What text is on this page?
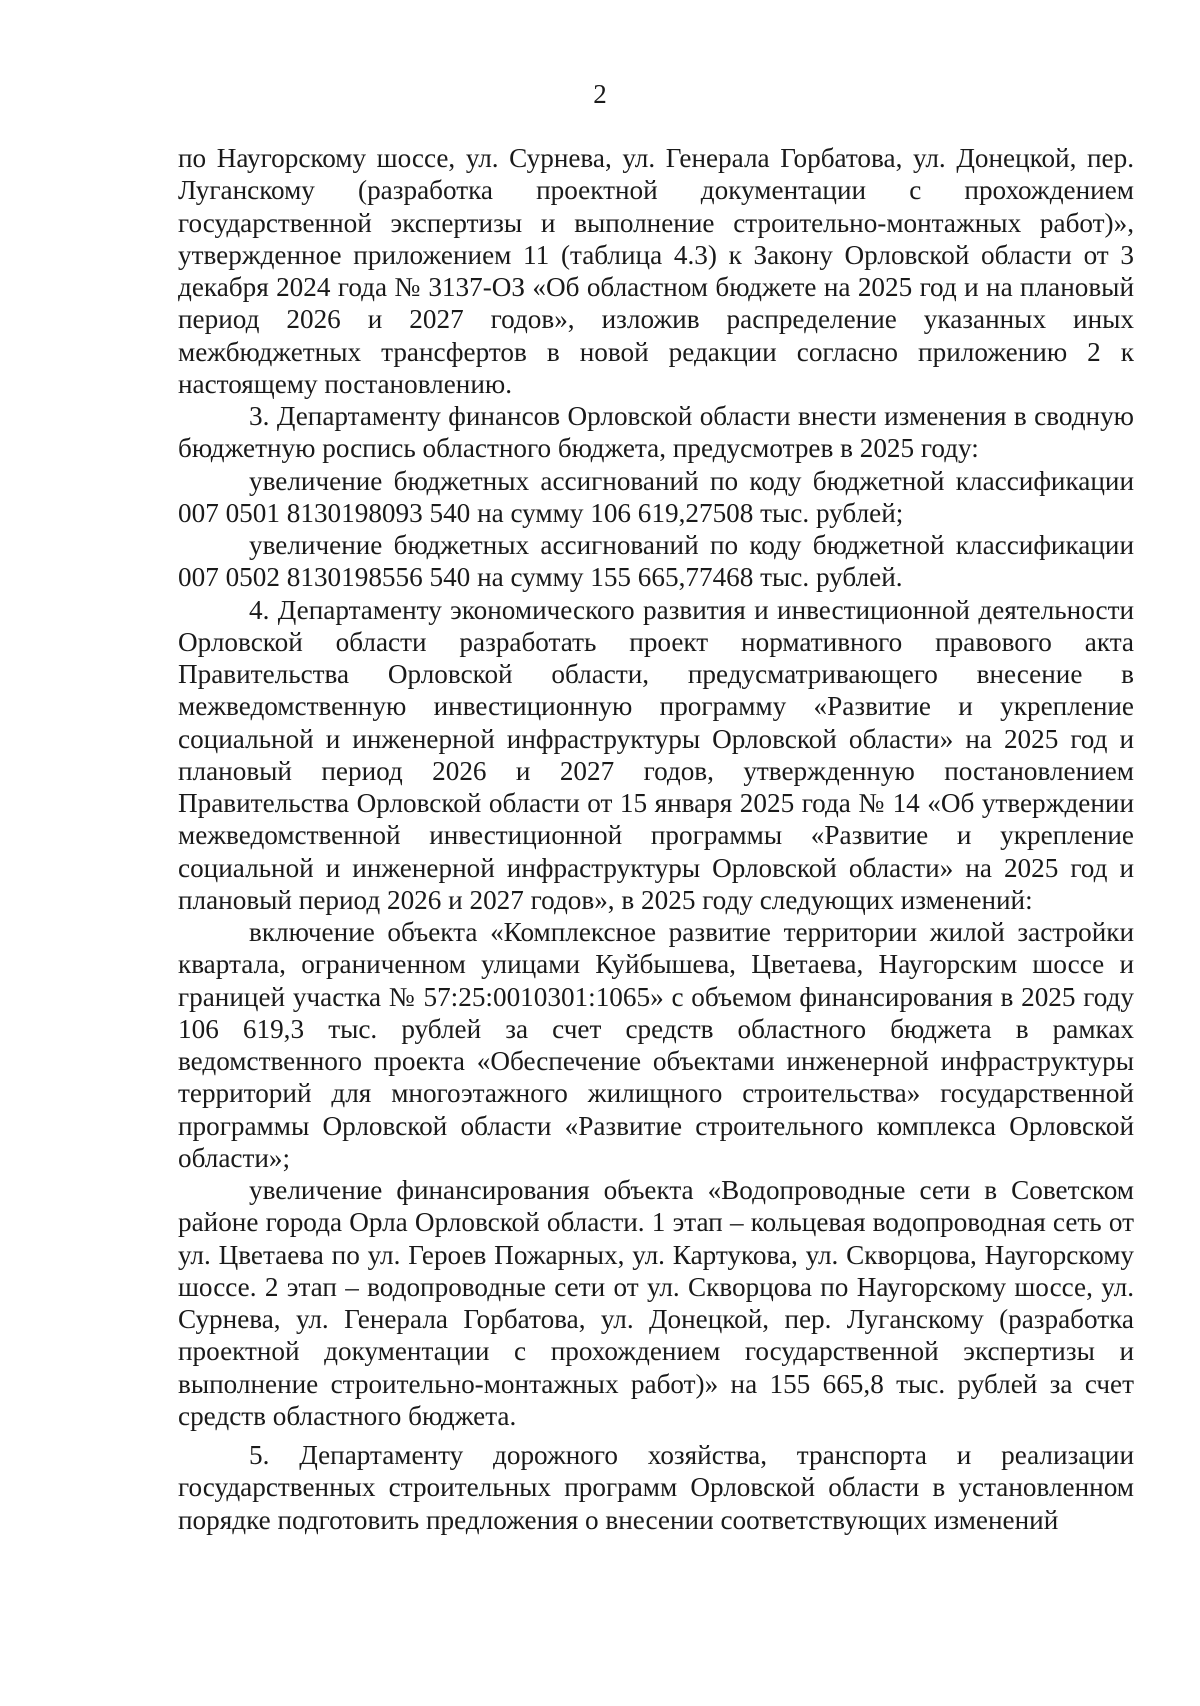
2

по Наугорскому шоссе, ул. Сурнева, ул. Генерала Горбатова, ул. Донецкой, пер. Луганскому (разработка проектной документации с прохождением государственной экспертизы и выполнение строительно-монтажных работ)», утвержденное приложением 11 (таблица 4.3) к Закону Орловской области от 3 декабря 2024 года № 3137-ОЗ «Об областном бюджете на 2025 год и на плановый период 2026 и 2027 годов», изложив распределение указанных иных межбюджетных трансфертов в новой редакции согласно приложению 2 к настоящему постановлению.

3. Департаменту финансов Орловской области внести изменения в сводную бюджетную роспись областного бюджета, предусмотрев в 2025 году:

увеличение бюджетных ассигнований по коду бюджетной классификации 007 0501 8130198093 540 на сумму 106 619,27508 тыс. рублей;

увеличение бюджетных ассигнований по коду бюджетной классификации 007 0502 8130198556 540 на сумму 155 665,77468 тыс. рублей.

4. Департаменту экономического развития и инвестиционной деятельности Орловской области разработать проект нормативного правового акта Правительства Орловской области, предусматривающего внесение в межведомственную инвестиционную программу «Развитие и укрепление социальной и инженерной инфраструктуры Орловской области» на 2025 год и плановый период 2026 и 2027 годов, утвержденную постановлением Правительства Орловской области от 15 января 2025 года № 14 «Об утверждении межведомственной инвестиционной программы «Развитие и укрепление социальной и инженерной инфраструктуры Орловской области» на 2025 год и плановый период 2026 и 2027 годов», в 2025 году следующих изменений:

включение объекта «Комплексное развитие территории жилой застройки квартала, ограниченном улицами Куйбышева, Цветаева, Наугорским шоссе и границей участка № 57:25:0010301:1065» с объемом финансирования в 2025 году 106 619,3 тыс. рублей за счет средств областного бюджета в рамках ведомственного проекта «Обеспечение объектами инженерной инфраструктуры территорий для многоэтажного жилищного строительства» государственной программы Орловской области «Развитие строительного комплекса Орловской области»;

увеличение финансирования объекта «Водопроводные сети в Советском районе города Орла Орловской области. 1 этап – кольцевая водопроводная сеть от ул. Цветаева по ул. Героев Пожарных, ул. Картукова, ул. Скворцова, Наугорскому шоссе. 2 этап – водопроводные сети от ул. Скворцова по Наугорскому шоссе, ул. Сурнева, ул. Генерала Горбатова, ул. Донецкой, пер. Луганскому (разработка проектной документации с прохождением государственной экспертизы и выполнение строительно-монтажных работ)» на 155 665,8 тыс. рублей за счет средств областного бюджета.

5. Департаменту дорожного хозяйства, транспорта и реализации государственных строительных программ Орловской области в установленном порядке подготовить предложения о внесении соответствующих изменений
